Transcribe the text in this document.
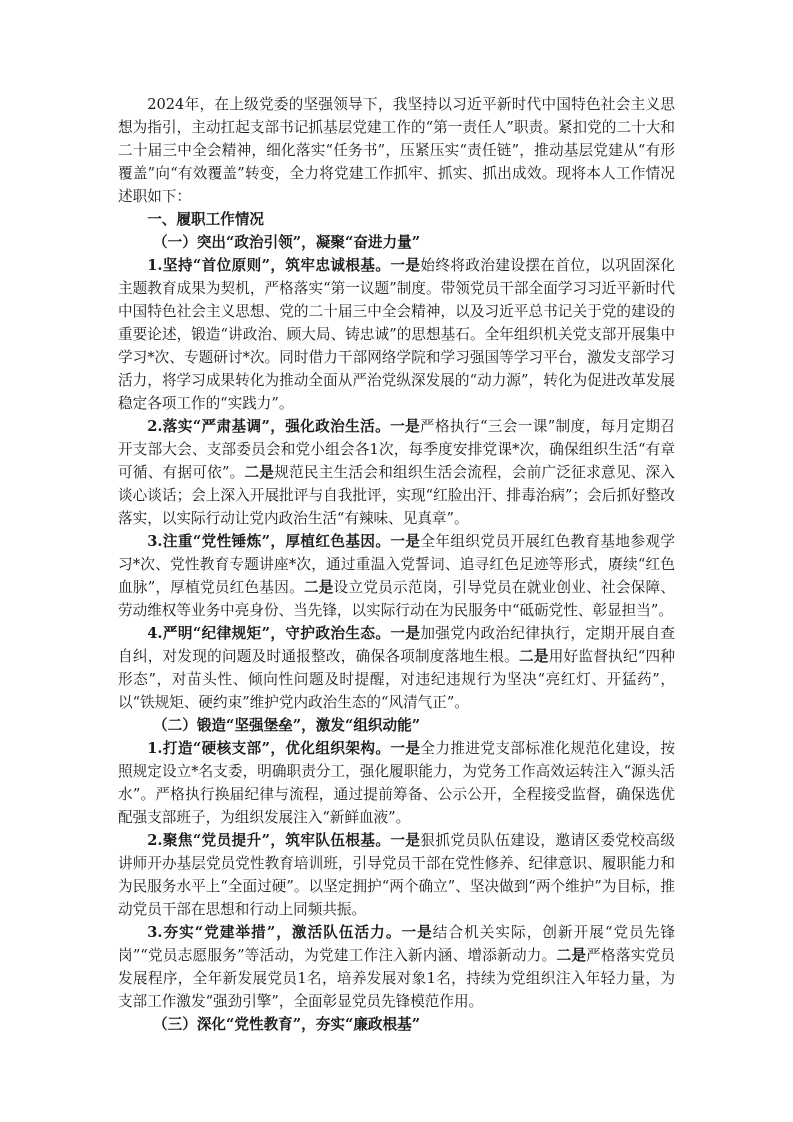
2024年，在上级党委的坚强领导下，我坚持以习近平新时代中国特色社会主义思想为指引，主动扛起支部书记抓基层党建工作的“第一责任人”职责。紧扣党的二十大和二十届三中全会精神，细化落实“任务书”，压紧压实“责任链”，推动基层党建从“有形覆盖”向“有效覆盖”转变，全力将党建工作抓牢、抓实、抓出成效。现将本人工作情况述职如下：

一、履职工作情况

（一）突出“政治引领”，凝聚“奋进力量”

1.坚持“首位原则”，筑牢忠诚根基。一是始终将政治建设摆在首位，以巩固深化主题教育成果为契机，严格落实“第一议题”制度。带领党员干部全面学习习近平新时代中国特色社会主义思想、党的二十届三中全会精神，以及习近平总书记关于党的建设的重要论述，锻造“讲政治、顾大局、铸忠诚”的思想基石。全年组织机关党支部开展集中学习*次、专题研讨*次。同时借力干部网络学院和学习强国等学习平台，激发支部学习活力，将学习成果转化为推动全面从严治党纵深发展的“动力源”，转化为促进改革发展稳定各项工作的“实践力”。

2.落实“严肃基调”，强化政治生活。一是严格执行“三会一课”制度，每月定期召开支部大会、支部委员会和党小组会各1次，每季度安排党课*次，确保组织生活“有章可循、有据可依”。二是规范民主生活会和组织生活会流程，会前广泛征求意见、深入谈心谈话；会上深入开展批评与自我批评，实现“红脸出汗、排毒治病”；会后抓好整改落实，以实际行动让党内政治生活“有辣味、见真章”。

3.注重“党性锤炼”，厚植红色基因。一是全年组织党员开展红色教育基地参观学习*次、党性教育专题讲座*次，通过重温入党誓词、追寻红色足迹等形式，赓续“红色血脉”，厚植党员红色基因。二是设立党员示范岗，引导党员在就业创业、社会保障、劳动维权等业务中亮身份、当先锋，以实际行动在为民服务中“砥砺党性、彰显担当”。

4.严明“纪律规矩”，守护政治生态。一是加强党内政治纪律执行，定期开展自查自纠，对发现的问题及时通报整改，确保各项制度落地生根。二是用好监督执纪“四种形态”，对苗头性、倾向性问题及时提醒，对违纪违规行为坚决“亮红灯、开猛药”，以“铁规矩、硬约束”维护党内政治生态的“风清气正”。

（二）锻造“坚强堡垒”，激发“组织动能”

1.打造“硬核支部”，优化组织架构。一是全力推进党支部标准化规范化建设，按照规定设立*名支委，明确职责分工，强化履职能力，为党务工作高效运转注入“源头活水”。严格执行换届纪律与流程，通过提前筹备、公示公开，全程接受监督，确保选优配强支部班子，为组织发展注入“新鲜血液”。

2.聚焦“党员提升”，筑牢队伍根基。一是狠抓党员队伍建设，邀请区委党校高级讲师开办基层党员党性教育培训班，引导党员干部在党性修养、纪律意识、履职能力和为民服务水平上“全面过硬”。以坚定拥护“两个确立”、坚决做到“两个维护”为目标，推动党员干部在思想和行动上同频共振。

3.夯实“党建举措”，激活队伍活力。一是结合机关实际，创新开展“党员先锋岗”“党员志愿服务”等活动，为党建工作注入新内涵、增添新动力。二是严格落实党员发展程序，全年新发展党员1名，培养发展对象1名，持续为党组织注入年轻力量，为支部工作激发“强劲引擎”，全面彰显党员先锋模范作用。

（三）深化“党性教育”，夯实“廉政根基”
